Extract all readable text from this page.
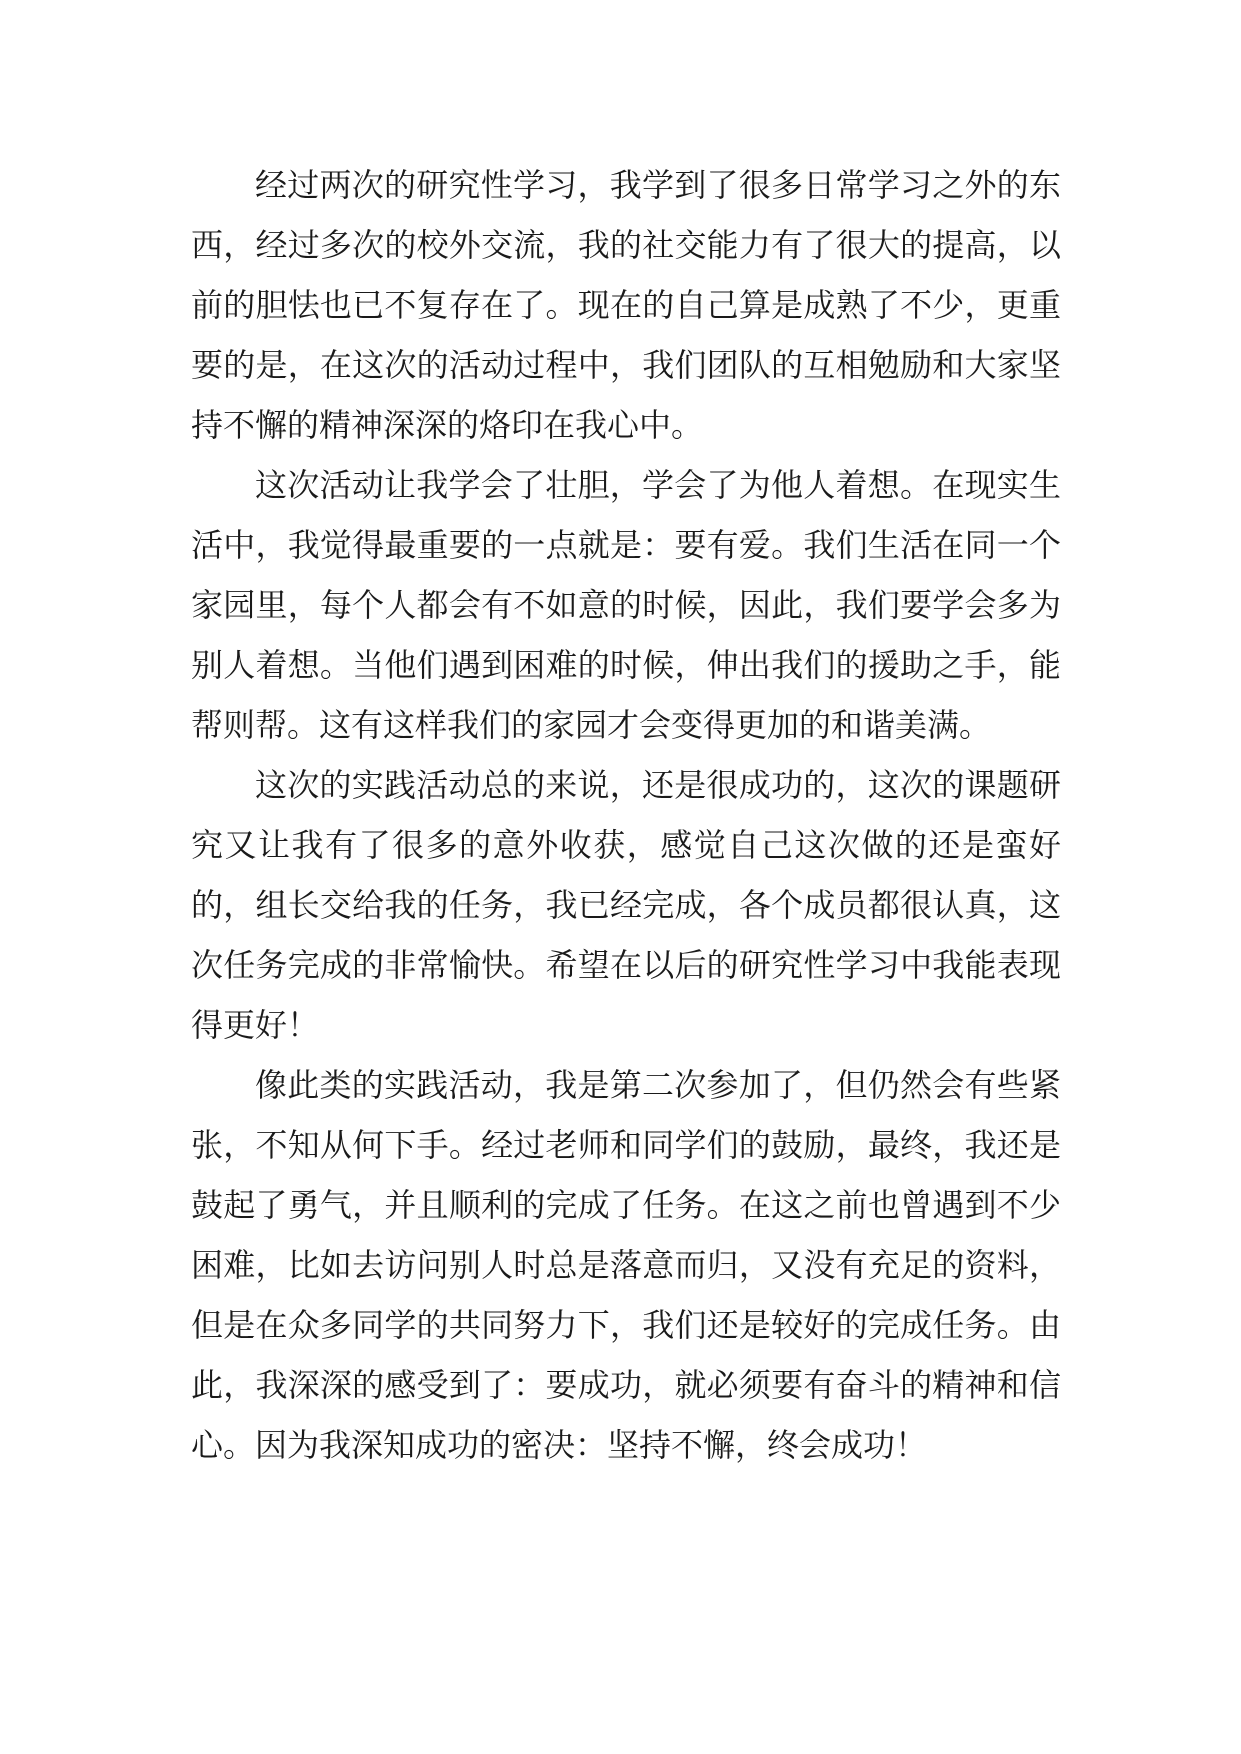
经过两次的研究性学习，我学到了很多日常学习之外的东西，经过多次的校外交流，我的社交能力有了很大的提高，以前的胆怯也已不复存在了。现在的自己算是成熟了不少，更重要的是，在这次的活动过程中，我们团队的互相勉励和大家坚持不懈的精神深深的烙印在我心中。

这次活动让我学会了壮胆，学会了为他人着想。在现实生活中，我觉得最重要的一点就是：要有爱。我们生活在同一个家园里，每个人都会有不如意的时候，因此，我们要学会多为别人着想。当他们遇到困难的时候，伸出我们的援助之手，能帮则帮。这有这样我们的家园才会变得更加的和谐美满。

这次的实践活动总的来说，还是很成功的，这次的课题研究又让我有了很多的意外收获，感觉自己这次做的还是蛮好的，组长交给我的任务，我已经完成，各个成员都很认真，这次任务完成的非常愉快。希望在以后的研究性学习中我能表现得更好！

像此类的实践活动，我是第二次参加了，但仍然会有些紧张，不知从何下手。经过老师和同学们的鼓励，最终，我还是鼓起了勇气，并且顺利的完成了任务。在这之前也曾遇到不少困难，比如去访问别人时总是落意而归，又没有充足的资料，但是在众多同学的共同努力下，我们还是较好的完成任务。由此，我深深的感受到了：要成功，就必须要有奋斗的精神和信心。因为我深知成功的密决：坚持不懈，终会成功！
